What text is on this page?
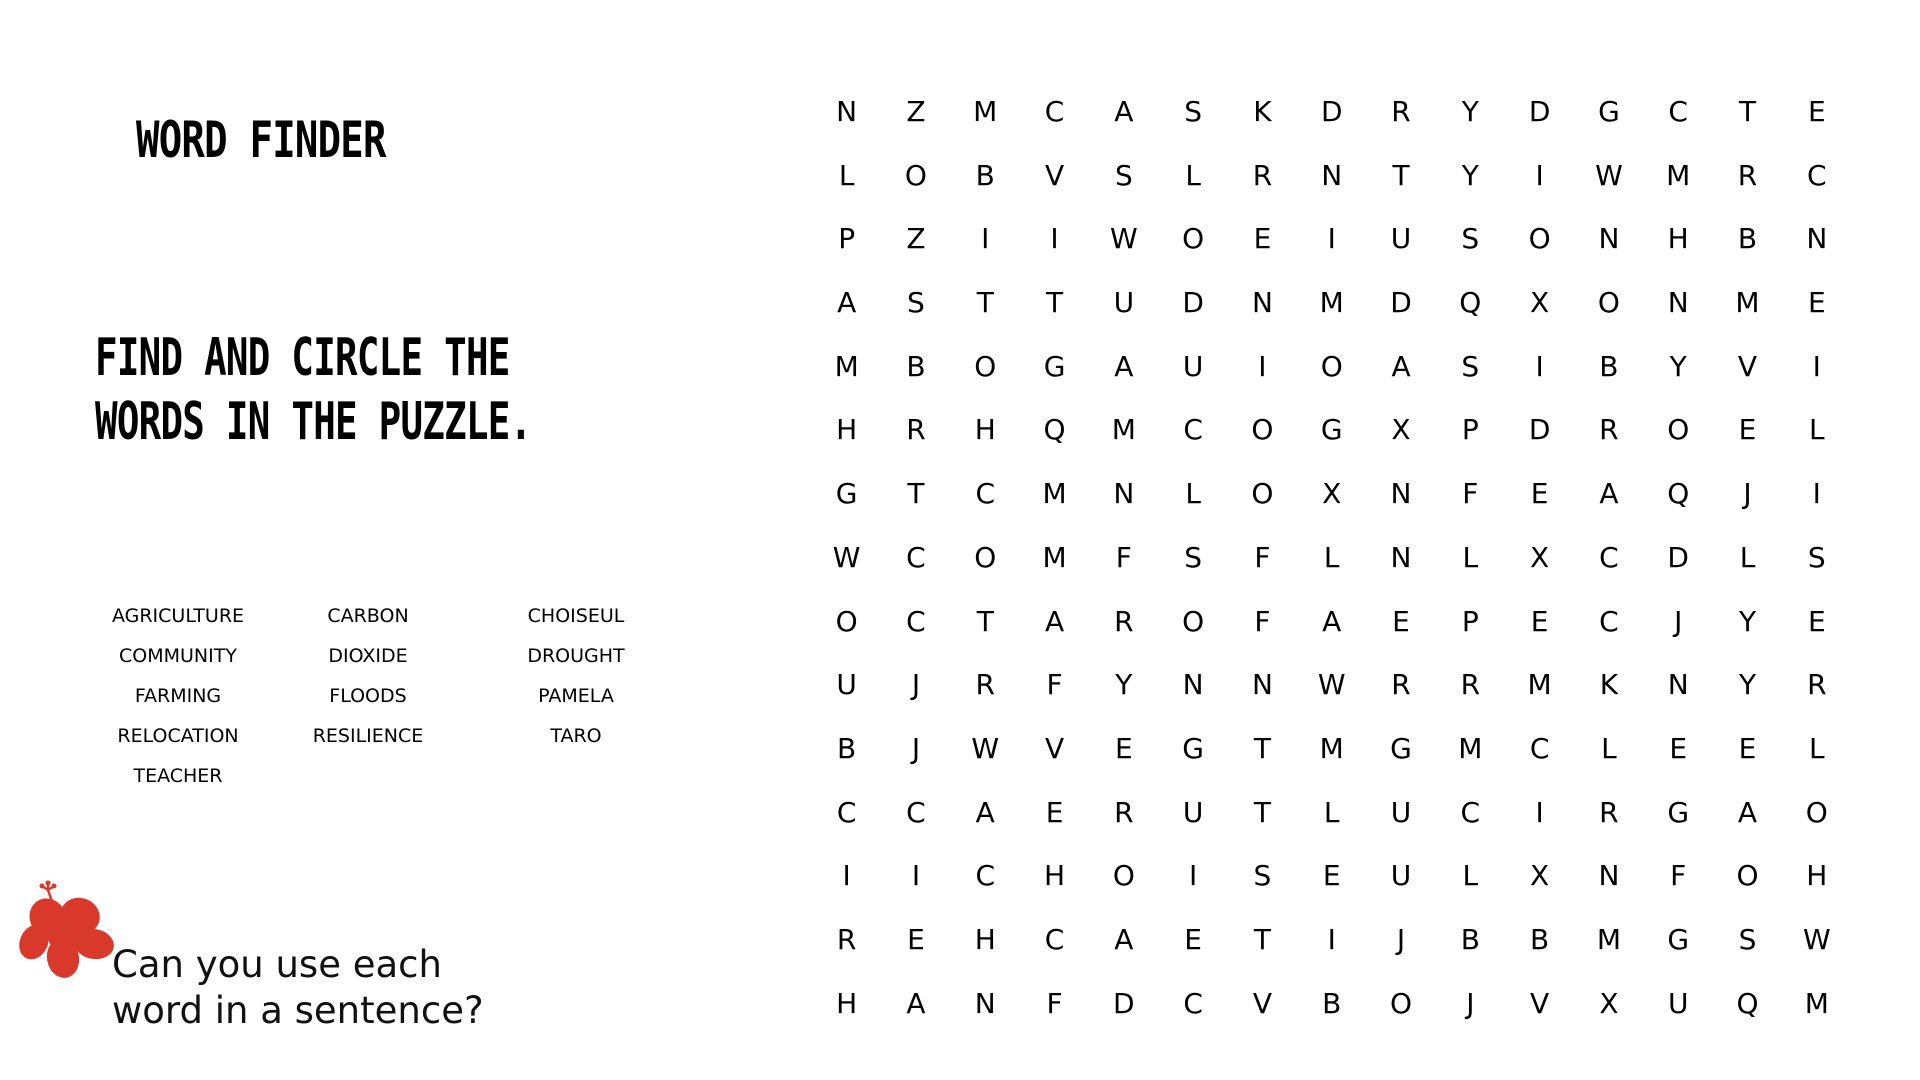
WORD FINDER
FIND AND CIRCLE THE
WORDS IN THE PUZZLE.
AGRICULTURE	CARBON	CHOISEUL
COMMUNITY	DIOXIDE	DROUGHT
FARMING	FLOODS	PAMELA
RELOCATION	RESILIENCE	TARO
TEACHER
Can you use each word in a sentence?
N	Z	M	C	A	S	K	D	R	Y	D	G	C	T	E
L	O	B	V	S	L	R	N	T	Y	I	W	M	R	C
P	Z	I	I	W	O	E	I	U	S	O	N	H	B	N
A	S	T	T	U	D	N	M	D	Q	X	O	N	M	E
M	B	O	G	A	U	I	O	A	S	I	B	Y	V	I
H	R	H	Q	M	C	O	G	X	P	D	R	O	E	L
G	T	C	M	N	L	O	X	N	F	E	A	Q	J	I
W	C	O	M	F	S	F	L	N	L	X	C	D	L	S
O	C	T	A	R	O	F	A	E	P	E	C	J	Y	E
U	J	R	F	Y	N	N	W	R	R	M	K	N	Y	R
B	J	W	V	E	G	T	M	G	M	C	L	E	E	L
C	C	A	E	R	U	T	L	U	C	I	R	G	A	O
I	I	C	H	O	I	S	E	U	L	X	N	F	O	H
R	E	H	C	A	E	T	I	J	B	B	M	G	S	W
H	A	N	F	D	C	V	B	O	J	V	X	U	Q	M
